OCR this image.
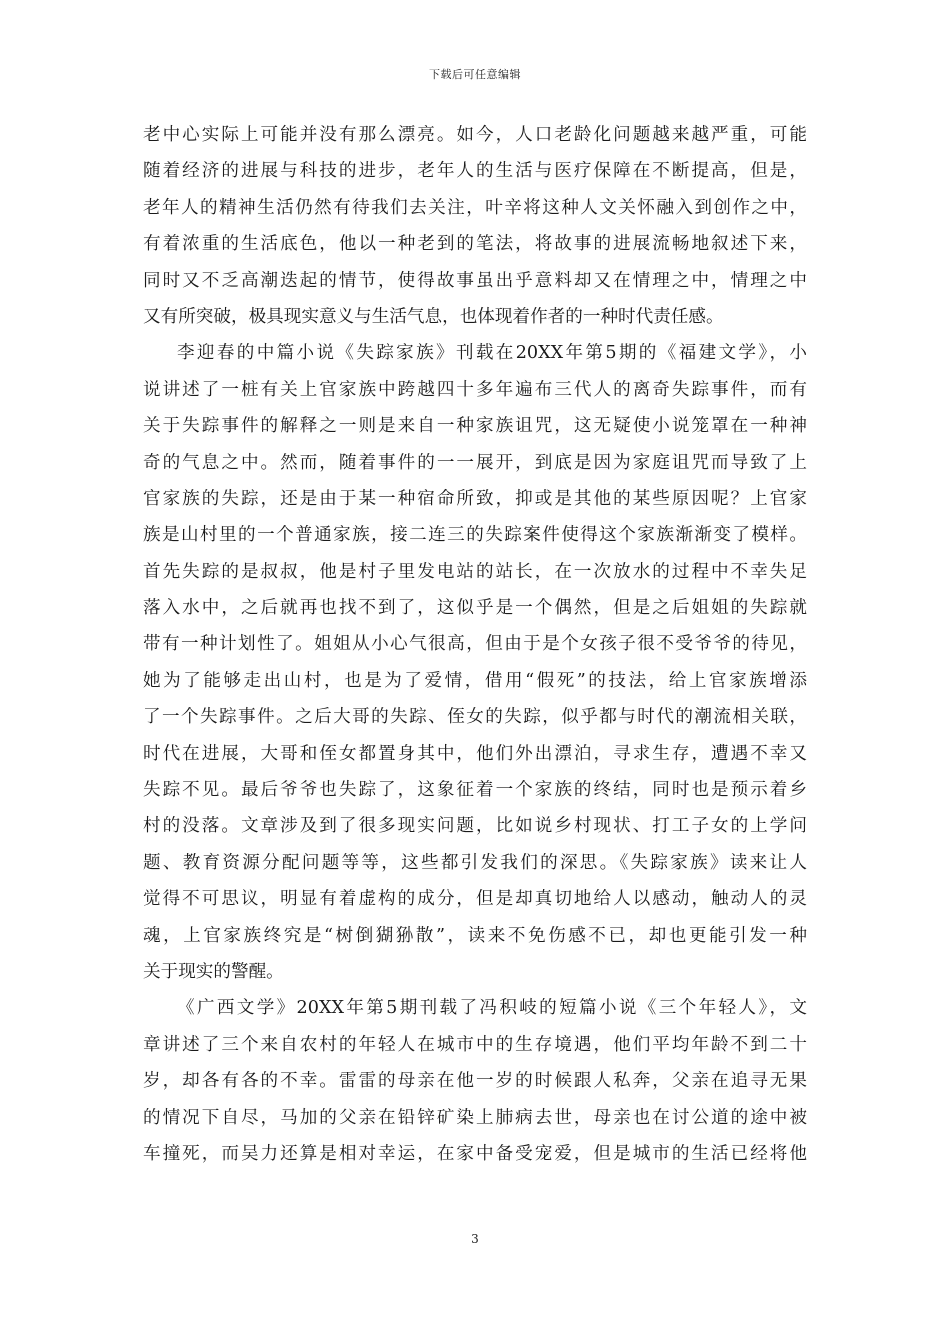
下载后可任意编辑
老中心实际上可能并没有那么漂亮。如今，人口老龄化问题越来越严重，可能
随着经济的进展与科技的进步，老年人的生活与医疗保障在不断提高，但是，
老年人的精神生活仍然有待我们去关注，叶辛将这种人文关怀融入到创作之中，
有着浓重的生活底色，他以一种老到的笔法，将故事的进展流畅地叙述下来，
同时又不乏高潮迭起的情节，使得故事虽出乎意料却又在情理之中，情理之中
又有所突破，极具现实意义与生活气息，也体现着作者的一种时代责任感。
李迎春的中篇小说《失踪家族》刊载在20XX年第5期的《福建文学》，小
说讲述了一桩有关上官家族中跨越四十多年遍布三代人的离奇失踪事件，而有
关于失踪事件的解释之一则是来自一种家族诅咒，这无疑使小说笼罩在一种神
奇的气息之中。然而，随着事件的一一展开，到底是因为家庭诅咒而导致了上
官家族的失踪，还是由于某一种宿命所致，抑或是其他的某些原因呢？上官家
族是山村里的一个普通家族，接二连三的失踪案件使得这个家族渐渐变了模样。
首先失踪的是叔叔，他是村子里发电站的站长，在一次放水的过程中不幸失足
落入水中，之后就再也找不到了，这似乎是一个偶然，但是之后姐姐的失踪就
带有一种计划性了。姐姐从小心气很高，但由于是个女孩子很不受爷爷的待见，
她为了能够走出山村，也是为了爱情，借用“假死”的技法，给上官家族增添
了一个失踪事件。之后大哥的失踪、侄女的失踪，似乎都与时代的潮流相关联，
时代在进展，大哥和侄女都置身其中，他们外出漂泊，寻求生存，遭遇不幸又
失踪不见。最后爷爷也失踪了，这象征着一个家族的终结，同时也是预示着乡
村的没落。文章涉及到了很多现实问题，比如说乡村现状、打工子女的上学问
题、教育资源分配问题等等，这些都引发我们的深思。《失踪家族》读来让人
觉得不可思议，明显有着虚构的成分，但是却真切地给人以感动，触动人的灵
魂，上官家族终究是“树倒猢狲散”，读来不免伤感不已，却也更能引发一种
关于现实的警醒。
《广西文学》20XX年第5期刊载了冯积岐的短篇小说《三个年轻人》，文
章讲述了三个来自农村的年轻人在城市中的生存境遇，他们平均年龄不到二十
岁，却各有各的不幸。雷雷的母亲在他一岁的时候跟人私奔，父亲在追寻无果
的情况下自尽，马加的父亲在铅锌矿染上肺病去世，母亲也在讨公道的途中被
车撞死，而吴力还算是相对幸运，在家中备受宠爱，但是城市的生活已经将他
3
